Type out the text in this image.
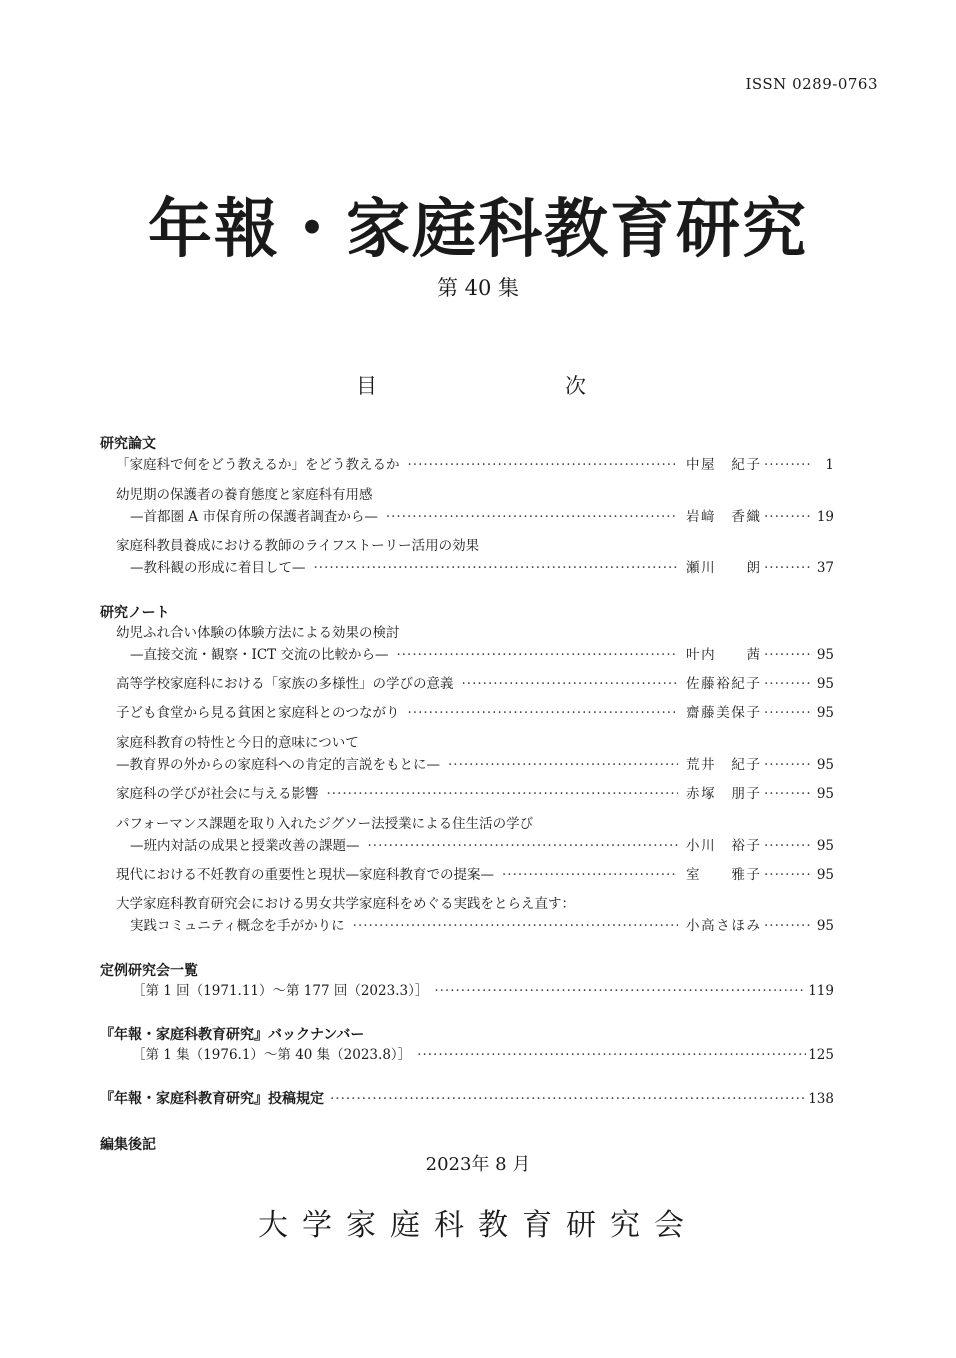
ISSN 0289-0763
年報・家庭科教育研究
第 40 集
目	次
研究論文
「家庭科で何をどう教えるか」をどう教えるか ·····	中屋　紀子 ·····	1
幼児期の保護者の養育態度と家庭科有用感
—首都圏 A 市保育所の保護者調査から— ·····	岩﨑　香織 ·····	19
家庭科教員養成における教師のライフストーリー活用の効果
—教科観の形成に着目して— ·····	瀬川　　朗 ·····	37
研究ノート
幼児ふれ合い体験の体験方法による効果の検討
—直接交流・観察・ICT 交流の比較から— ·····	叶内　　茜 ·····	95
高等学校家庭科における「家族の多様性」の学びの意義 ·····	佐藤裕紀子 ·····	95
子ども食堂から見る貧困と家庭科とのつながり ·····	齋藤美保子 ·····	95
家庭科教育の特性と今日的意味について
—教育界の外からの家庭科への肯定的言説をもとに— ·····	荒井　紀子 ·····	95
家庭科の学びが社会に与える影響 ·····	赤塚　朋子 ·····	95
パフォーマンス課題を取り入れたジグソー法授業による住生活の学び
—班内対話の成果と授業改善の課題— ·····	小川　裕子 ·····	95
現代における不妊教育の重要性と現状—家庭科教育での提案— ·····	室　　雅子 ·····	95
大学家庭科教育研究会における男女共学家庭科をめぐる実践をとらえ直す：
実践コミュニティ概念を手がかりに ·····	小高さほみ ·····	95
定例研究会一覧
［第 1 回（1971.11）～第 177 回（2023.3）］ ·····	119
『年報・家庭科教育研究』バックナンバー
［第 1 集（1976.1）～第 40 集（2023.8）］ ·····	125
『年報・家庭科教育研究』投稿規定 ·····	138
編集後記
2023年 8 月
大学家庭科教育研究会
